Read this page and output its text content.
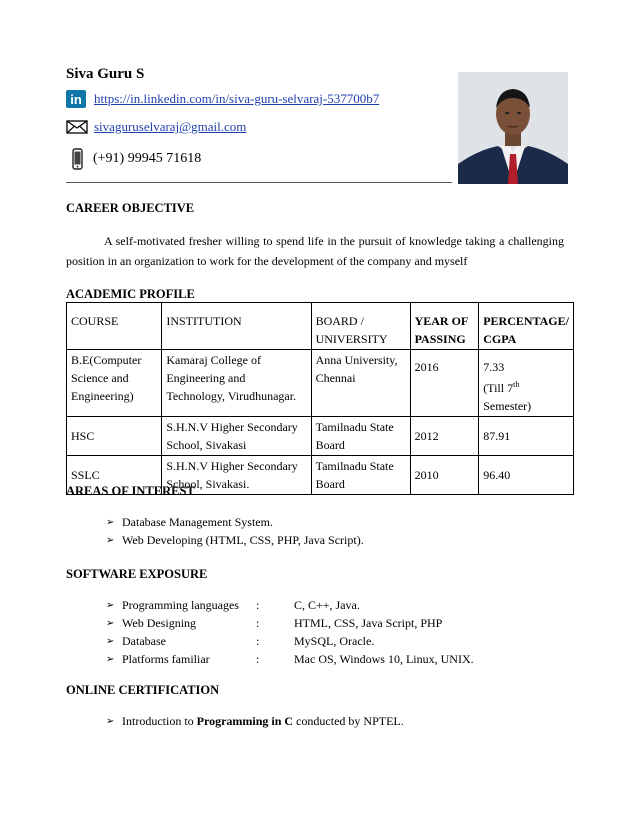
Siva Guru S
in https://in.linkedin.com/in/siva-guru-selvaraj-537700b7
sivaguruselvaraj@gmail.com
(+91) 99945 71618
CAREER OBJECTIVE
A self-motivated fresher willing to spend life in the pursuit of knowledge taking a challenging position in an organization to work for the development of the company and myself
ACADEMIC PROFILE
COURSE	INSTITUTION	BOARD / UNIVERSITY	YEAR OF PASSING	PERCENTAGE/ CGPA
B.E(Computer Science and Engineering)	Kamaraj College of Engineering and Technology, Virudhunagar.	Anna University, Chennai	2016	7.33
(Till 7th Semester)

HSC	S.H.N.V Higher Secondary School, Sivakasi	Tamilnadu State Board	2012	87.91
SSLC	S.H.N.V Higher Secondary School, Sivakasi.	Tamilnadu State Board	2010	96.40
AREAS OF INTEREST
➢ Database Management System.
➢ Web Developing (HTML, CSS, PHP, Java Script).
SOFTWARE EXPOSURE
➢ Programming languages	:	C, C++, Java.
➢ Web Designing	:	HTML, CSS, Java Script, PHP
➢ Database	:	MySQL, Oracle.
➢ Platforms familiar	:	Mac OS, Windows 10, Linux, UNIX.
ONLINE CERTIFICATION
➢ Introduction to Programming in C conducted by NPTEL.
